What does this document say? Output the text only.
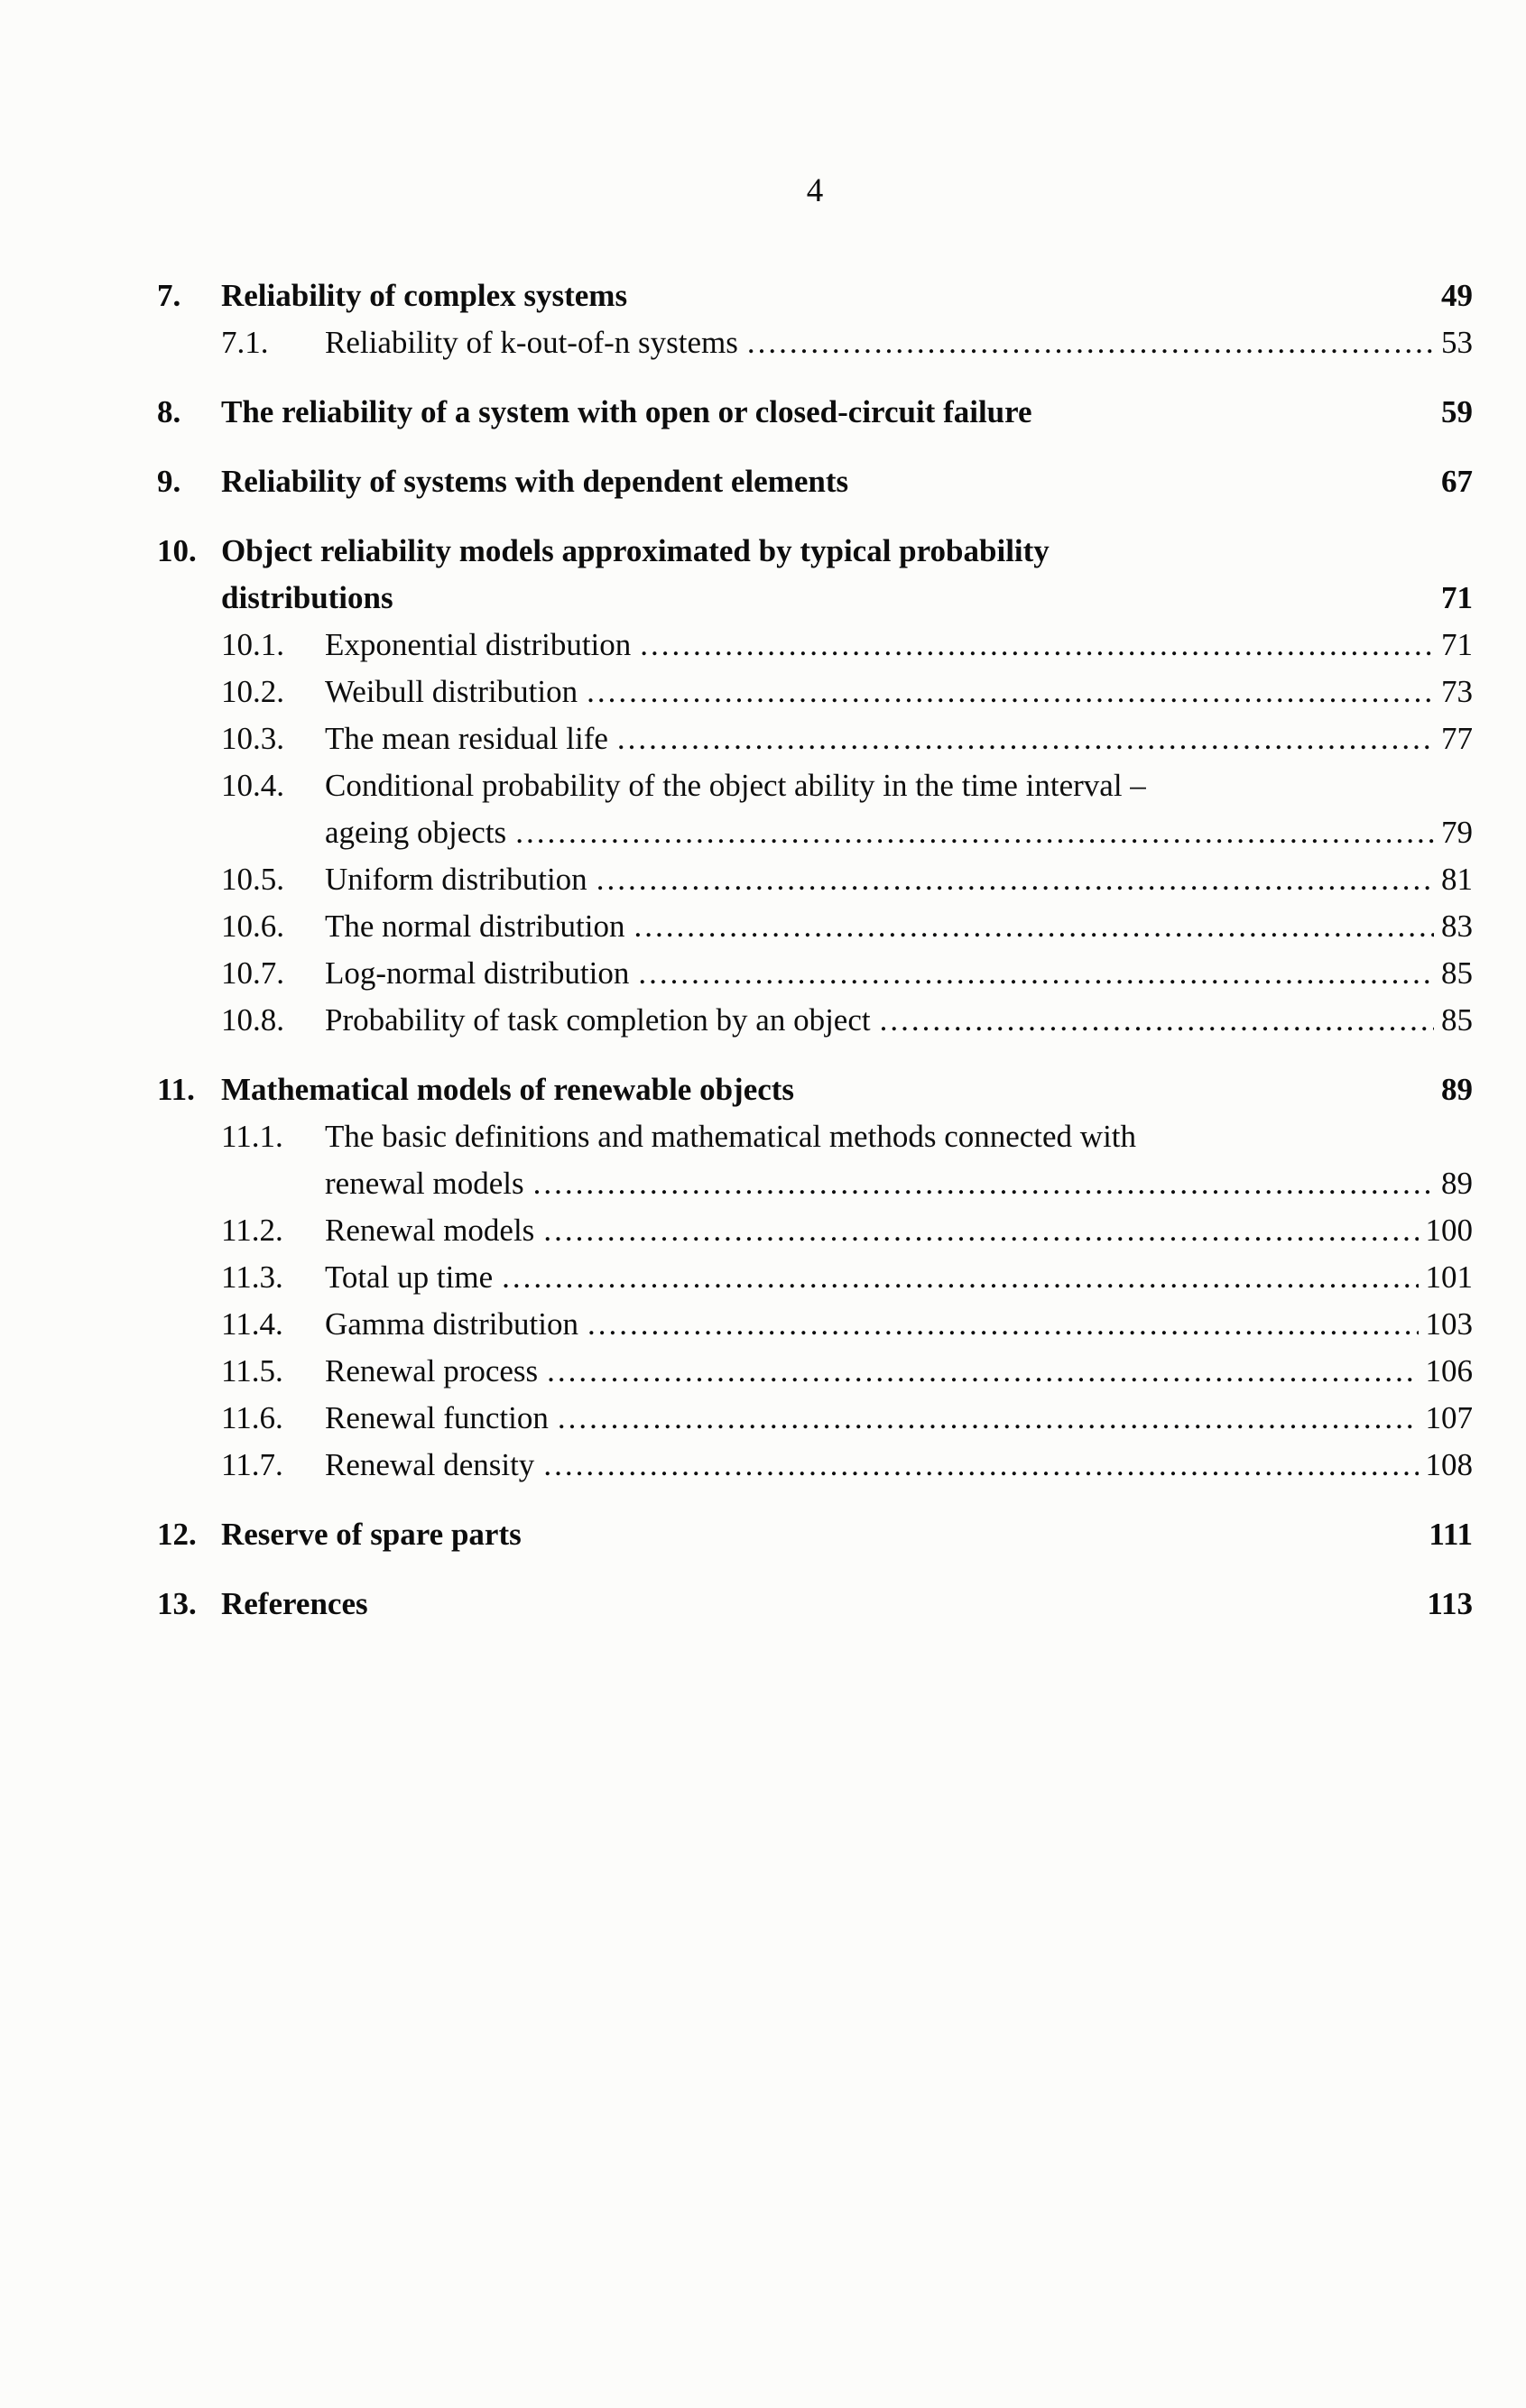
4
7.	Reliability of complex systems	49
7.1.	Reliability of k-out-of-n systems .....	53
8.	The reliability of a system with open or closed-circuit failure	59
9.	Reliability of systems with dependent elements	67
10. Object reliability models approximated by typical probability
distributions	71
10.1.	Exponential distribution .....	71
10.2.	Weibull distribution .....	73
10.3.	The mean residual life .....	77
10.4.	Conditional probability of the object ability in the time interval –
ageing objects .....	79
10.5.	Uniform distribution .....	81
10.6.	The normal distribution .....	83
10.7.	Log-normal distribution .....	85
10.8.	Probability of task completion by an object .....	85
11. Mathematical models of renewable objects	89
11.1.	The basic definitions and mathematical methods connected with
renewal models .....	89
11.2.	Renewal models .....	100
11.3.	Total up time .....	101
11.4.	Gamma distribution .....	103
11.5.	Renewal process .....	106
11.6.	Renewal function .....	107
11.7.	Renewal density .....	108
12. Reserve of spare parts	111
13. References	113
